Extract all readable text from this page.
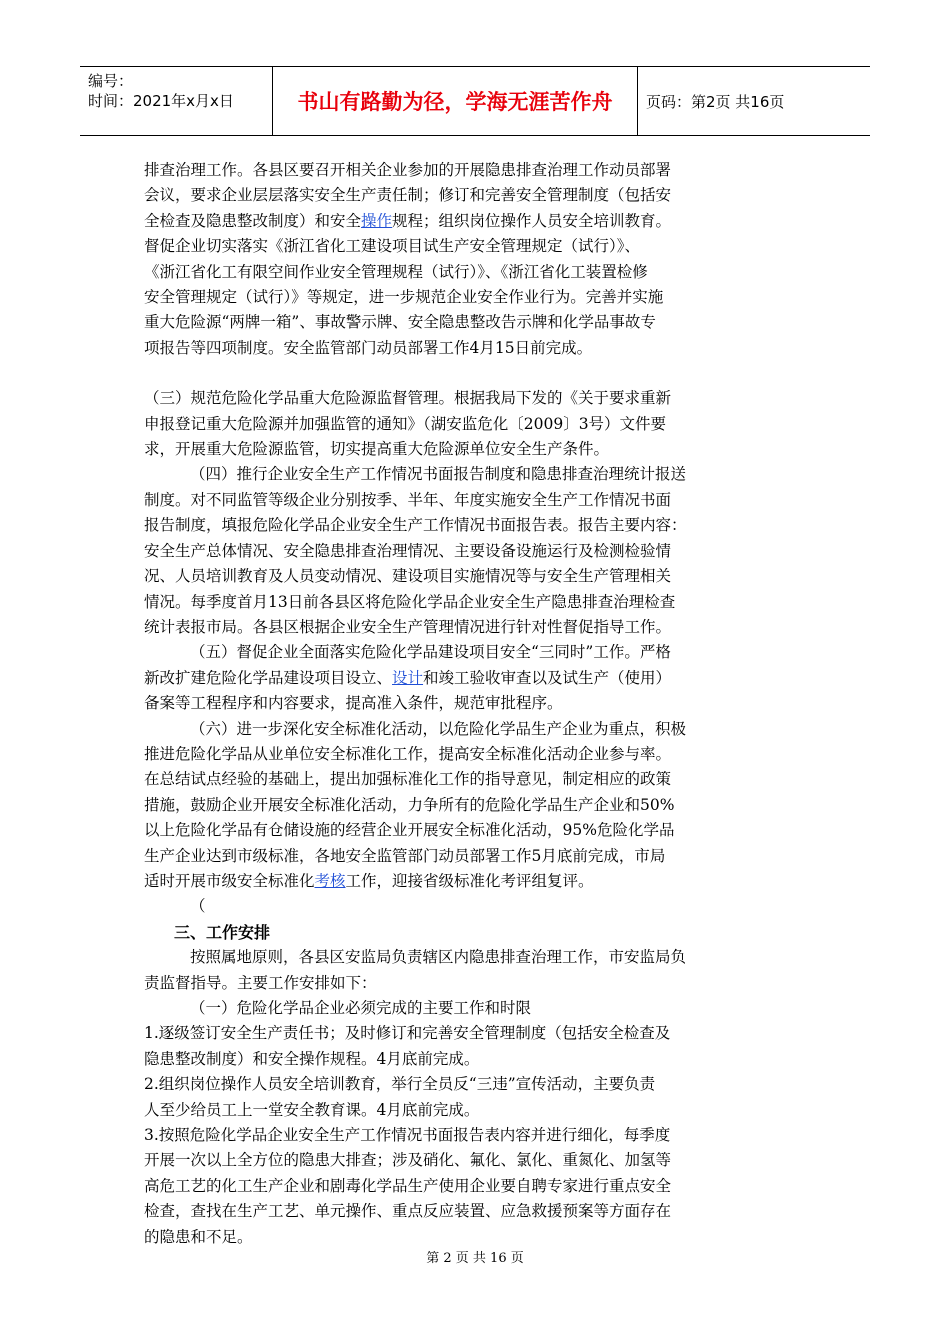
编号：
时间：2021年x月x日	书山有路勤为径，学海无涯苦作舟	页码：第2页 共16页

排查治理工作。各县区要召开相关企业参加的开展隐患排查治理工作动员部署

会议，要求企业层层落实安全生产责任制；修订和完善安全管理制度（包括安

全检查及隐患整改制度）和安全操作规程；组织岗位操作人员安全培训教育。

督促企业切实落实《浙江省化工建设项目试生产安全管理规定（试行）》、

《浙江省化工有限空间作业安全管理规程（试行）》、《浙江省化工装置检修

安全管理规定（试行）》等规定，进一步规范企业安全作业行为。完善并实施

重大危险源“两牌一箱”、事故警示牌、安全隐患整改告示牌和化学品事故专

项报告等四项制度。安全监管部门动员部署工作4月15日前完成。

（三）规范危险化学品重大危险源监督管理。根据我局下发的《关于要求重新

申报登记重大危险源并加强监管的通知》（湖安监危化〔2009〕3号）文件要

求，开展重大危险源监管，切实提高重大危险源单位安全生产条件。

（四）推行企业安全生产工作情况书面报告制度和隐患排查治理统计报送

制度。对不同监管等级企业分别按季、半年、年度实施安全生产工作情况书面

报告制度，填报危险化学品企业安全生产工作情况书面报告表。报告主要内容：

安全生产总体情况、安全隐患排查治理情况、主要设备设施运行及检测检验情

况、人员培训教育及人员变动情况、建设项目实施情况等与安全生产管理相关

情况。每季度首月13日前各县区将危险化学品企业安全生产隐患排查治理检查

统计表报市局。各县区根据企业安全生产管理情况进行针对性督促指导工作。

（五）督促企业全面落实危险化学品建设项目安全“三同时”工作。严格

新改扩建危险化学品建设项目设立、设计和竣工验收审查以及试生产（使用）

备案等工程程序和内容要求，提高准入条件，规范审批程序。

（六）进一步深化安全标准化活动，以危险化学品生产企业为重点，积极

推进危险化学品从业单位安全标准化工作，提高安全标准化活动企业参与率。

在总结试点经验的基础上，提出加强标准化工作的指导意见，制定相应的政策

措施，鼓励企业开展安全标准化活动，力争所有的危险化学品生产企业和50%

以上危险化学品有仓储设施的经营企业开展安全标准化活动，95%危险化学品

生产企业达到市级标准，各地安全监管部门动员部署工作5月底前完成，市局

适时开展市级安全标准化考核工作，迎接省级标准化考评组复评。

（

三、工作安排

按照属地原则，各县区安监局负责辖区内隐患排查治理工作，市安监局负

责监督指导。主要工作安排如下：

（一）危险化学品企业必须完成的主要工作和时限

1.逐级签订安全生产责任书；及时修订和完善安全管理制度（包括安全检查及

隐患整改制度）和安全操作规程。4月底前完成。

2.组织岗位操作人员安全培训教育，举行全员反“三违”宣传活动，主要负责

人至少给员工上一堂安全教育课。4月底前完成。

3.按照危险化学品企业安全生产工作情况书面报告表内容并进行细化，每季度

开展一次以上全方位的隐患大排查；涉及硝化、氟化、氯化、重氮化、加氢等

高危工艺的化工生产企业和剧毒化学品生产使用企业要自聘专家进行重点安全

检查，查找在生产工艺、单元操作、重点反应装置、应急救援预案等方面存在

的隐患和不足。

第 2 页 共 16 页
